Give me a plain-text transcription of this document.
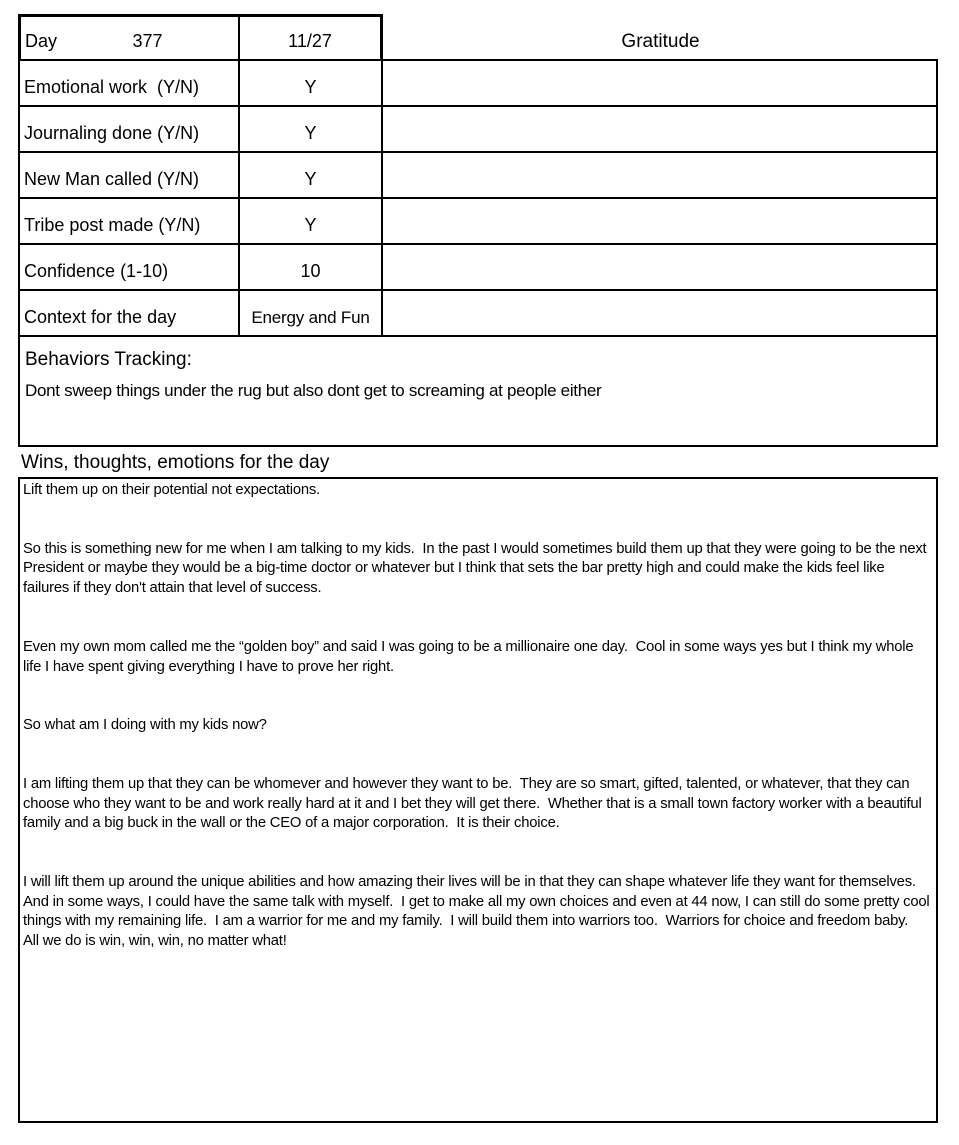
Day	377	11/27	Gratitude
Emotional work  (Y/N)	Y
Journaling done (Y/N)	Y
New Man called (Y/N)	Y
Tribe post made (Y/N)	Y
Confidence (1-10)	10
Context for the day	Energy and Fun
Behaviors Tracking:
Dont sweep things under the rug but also dont get to screaming at people either
Wins, thoughts, emotions for the day

Lift them up on their potential not expectations.

So this is something new for me when I am talking to my kids.  In the past I would sometimes build them up that they were going to be the next President or maybe they would be a big-time doctor or whatever but I think that sets the bar pretty high and could make the kids feel like failures if they don't attain that level of success.

Even my own mom called me the “golden boy” and said I was going to be a millionaire one day.  Cool in some ways yes but I think my whole life I have spent giving everything I have to prove her right.

So what am I doing with my kids now?

I am lifting them up that they can be whomever and however they want to be.  They are so smart, gifted, talented, or whatever, that they can choose who they want to be and work really hard at it and I bet they will get there.  Whether that is a small town factory worker with a beautiful family and a big buck in the wall or the CEO of a major corporation.  It is their choice.

I will lift them up around the unique abilities and how amazing their lives will be in that they can shape whatever life they want for themselves.  And in some ways, I could have the same talk with myself.  I get to make all my own choices and even at 44 now, I can still do some pretty cool things with my remaining life.  I am a warrior for me and my family.  I will build them into warriors too.  Warriors for choice and freedom baby.  All we do is win, win, win, no matter what!
